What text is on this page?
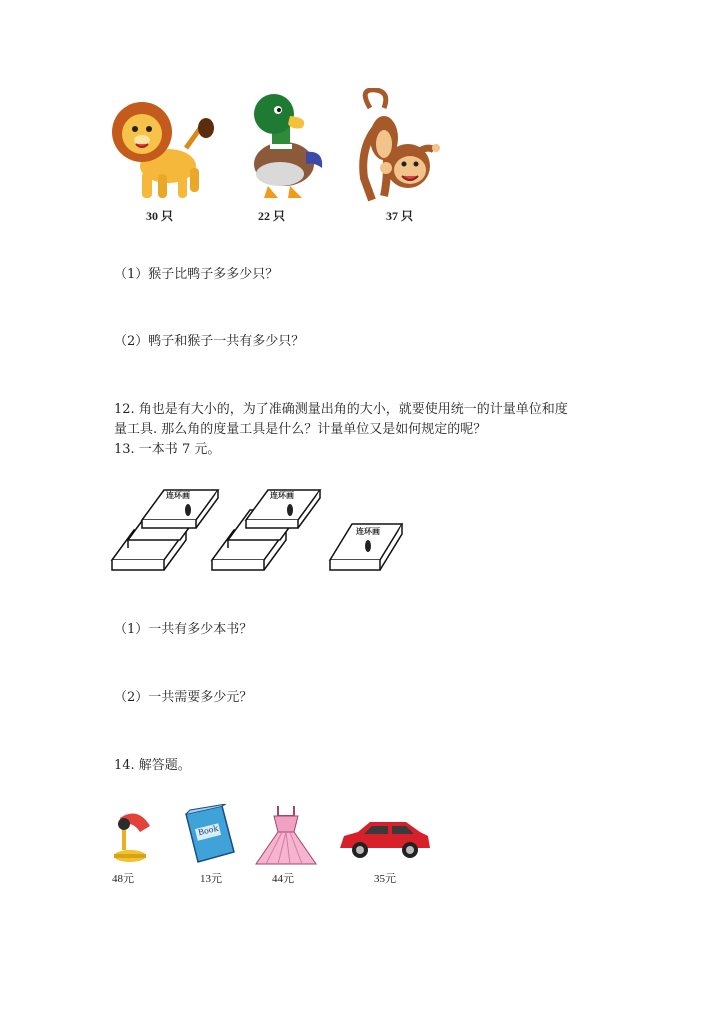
30 只	22 只	37 只
（1）猴子比鸭子多多少只？
（2）鸭子和猴子一共有多少只？
12. 角也是有大小的，为了准确测量出角的大小，就要使用统一的计量单位和度
量工具. 那么角的度量工具是什么？计量单位又是如何规定的呢？
13. 一本书 7 元。
连环画	连环画
连环画
（1）一共有多少本书？
（2）一共需要多少元？
14. 解答题。
48元
Book
13元	44元	35元
